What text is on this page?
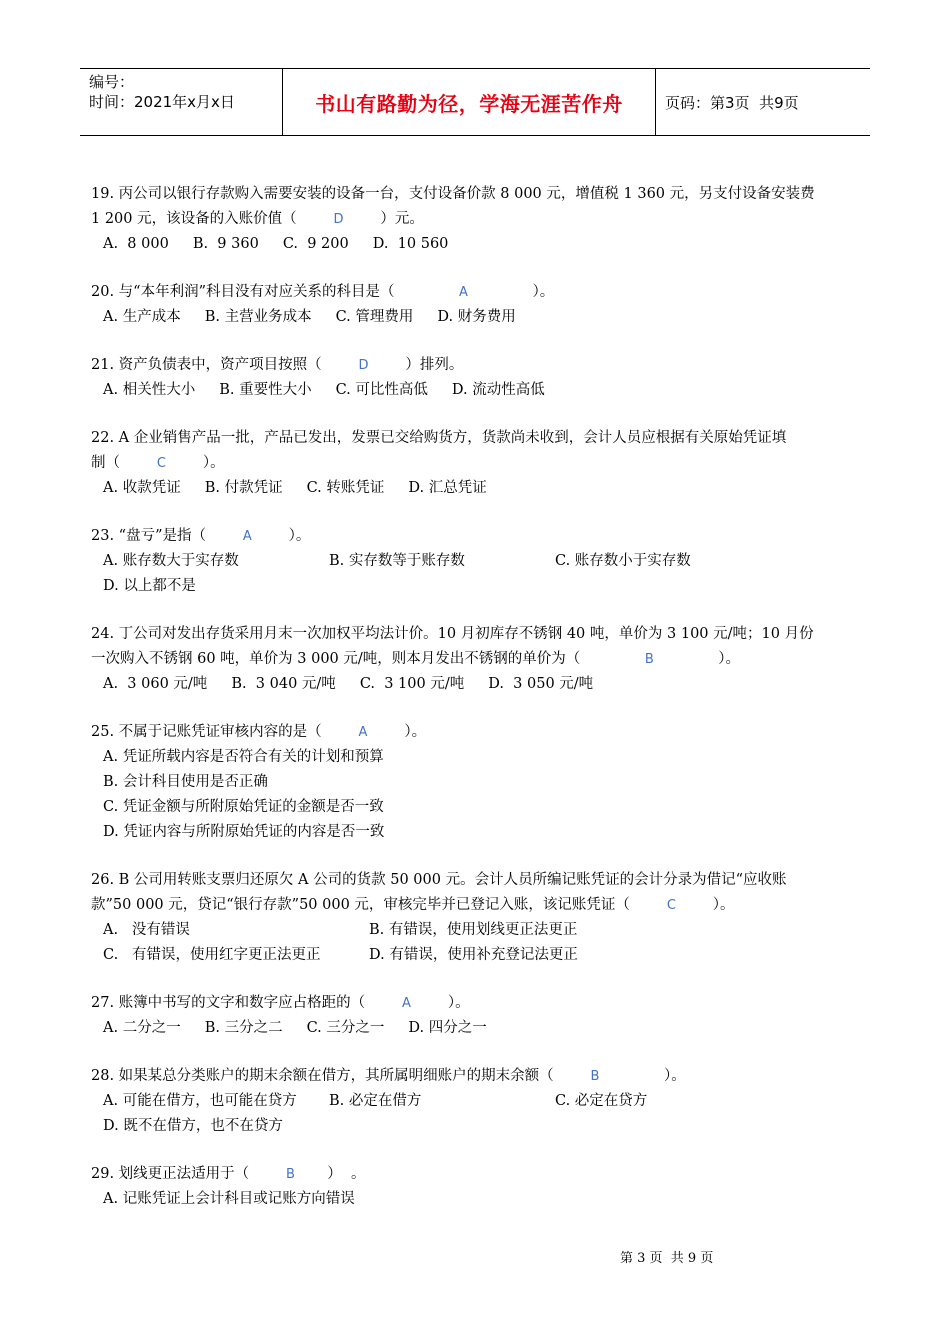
编号：
时间：2021年x月x日	书山有路勤为径，学海无涯苦作舟	页码：第3页  共9页
19. 丙公司以银行存款购入需要安装的设备一台，支付设备价款 8 000 元，增值税 1 360 元，另支付设备安装费
1 200 元，该设备的入账价值（        D        ）元。
A.  8 000 B.  9 360 C.  9 200 D.  10 560
20. 与“本年利润”科目没有对应关系的科目是（              A              ）。
A. 生产成本 B. 主营业务成本 C. 管理费用 D. 财务费用
21. 资产负债表中，资产项目按照（        D        ）排列。
A. 相关性大小 B. 重要性大小 C. 可比性高低 D. 流动性高低
22. A 企业销售产品一批，产品已发出，发票已交给购货方，货款尚未收到，会计人员应根据有关原始凭证填
制（        C        ）。
A. 收款凭证 B. 付款凭证 C. 转账凭证 D. 汇总凭证
23. “盘亏”是指（        A        ）。
A. 账存数大于实存数	B. 实存数等于账存数	C. 账存数小于实存数
D. 以上都不是
24. 丁公司对发出存货采用月末一次加权平均法计价。10 月初库存不锈钢 40 吨，单价为 3 100 元/吨；10 月份
一次购入不锈钢 60 吨，单价为 3 000 元/吨，则本月发出不锈钢的单价为（              B              ）。
A.  3 060 元/吨 B.  3 040 元/吨 C.  3 100 元/吨 D.  3 050 元/吨
25. 不属于记账凭证审核内容的是（        A        ）。
A. 凭证所载内容是否符合有关的计划和预算
B. 会计科目使用是否正确
C. 凭证金额与所附原始凭证的金额是否一致
D. 凭证内容与所附原始凭证的内容是否一致
26. B 公司用转账支票归还原欠 A 公司的货款 50 000 元。会计人员所编记账凭证的会计分录为借记“应收账
款”50 000 元，贷记“银行存款”50 000 元，审核完毕并已登记入账，该记账凭证（        C        ）。
A.   没有错误	B. 有错误，使用划线更正法更正
C.   有错误，使用红字更正法更正	D. 有错误，使用补充登记法更正
27. 账簿中书写的文字和数字应占格距的（        A        ）。
A. 二分之一 B. 三分之二 C. 三分之一 D. 四分之一
28. 如果某总分类账户的期末余额在借方，其所属明细账户的期末余额（        B              ）。
A. 可能在借方，也可能在贷方	B. 必定在借方	C. 必定在贷方
D. 既不在借方，也不在贷方
29. 划线更正法适用于（        B       ）  。
A. 记账凭证上会计科目或记账方向错误
第 3 页  共 9 页
